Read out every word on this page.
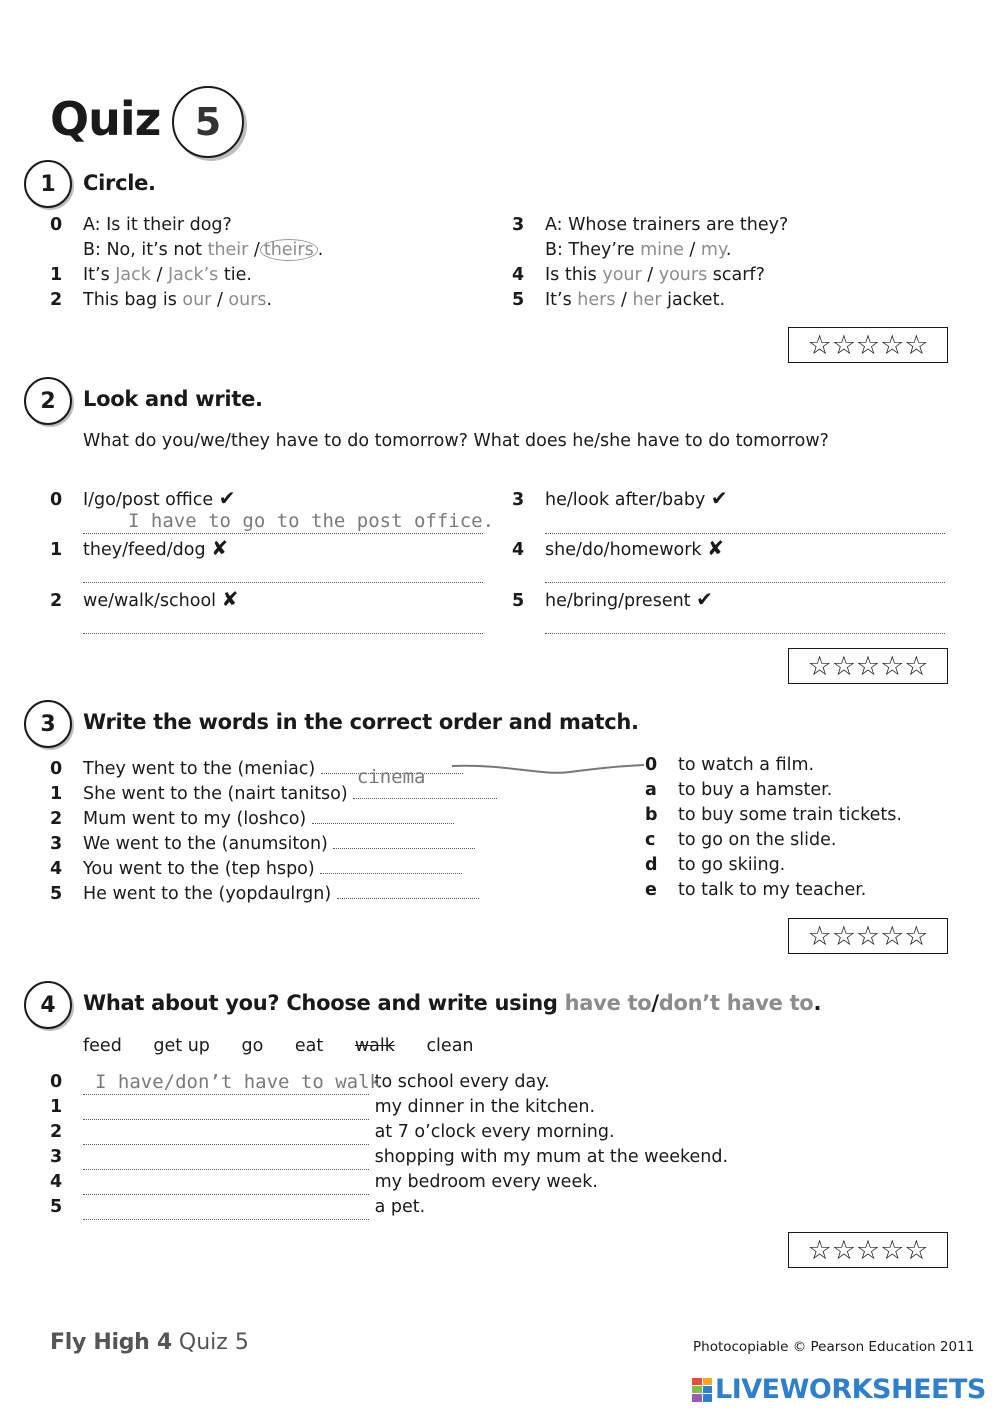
Quiz 5
1	Circle.
0 A: Is it their dog?
B: No, it’s not their / theirs .
1 It’s Jack / Jack’s tie.
2 This bag is our / ours.
3 A: Whose trainers are they?
B: They’re mine / my.
4 Is this your / yours scarf?
5 It’s hers / her jacket.
☆☆☆☆☆
2	Look and write.
What do you/we/they have to do tomorrow? What does he/she have to do tomorrow?
0 I/go/post office ✔
I have to go to the post office.
1 they/feed/dog ✘
2 we/walk/school ✘
3 he/look after/baby ✔
4 she/do/homework ✘
5 he/bring/present ✔
☆☆☆☆☆
3	Write the words in the correct order and match.
0 They went to the (meniac) cinema
1 She went to the (nairt tanitso)
2 Mum went to my (loshco)
3 We went to the (anumsiton)
4 You went to the (tep hspo)
5 He went to the (yopdaulrgn)
0 to watch a film.
a to buy a hamster.
b to buy some train tickets.
c to go on the slide.
d to go skiing.
e to talk to my teacher.
☆☆☆☆☆
4	What about you? Choose and write using have to/don’t have to.
feed get up go eat walk clean
0 I have/don’t have to walk
to school every day.
1	my dinner in the kitchen.
2	at 7 o’clock every morning.
3	shopping with my mum at the weekend.
4	my bedroom every week.
5	a pet.
☆☆☆☆☆
Fly High 4 Quiz 5	Photocopiable © Pearson Education 2011
LIVEWORKSHEETS
